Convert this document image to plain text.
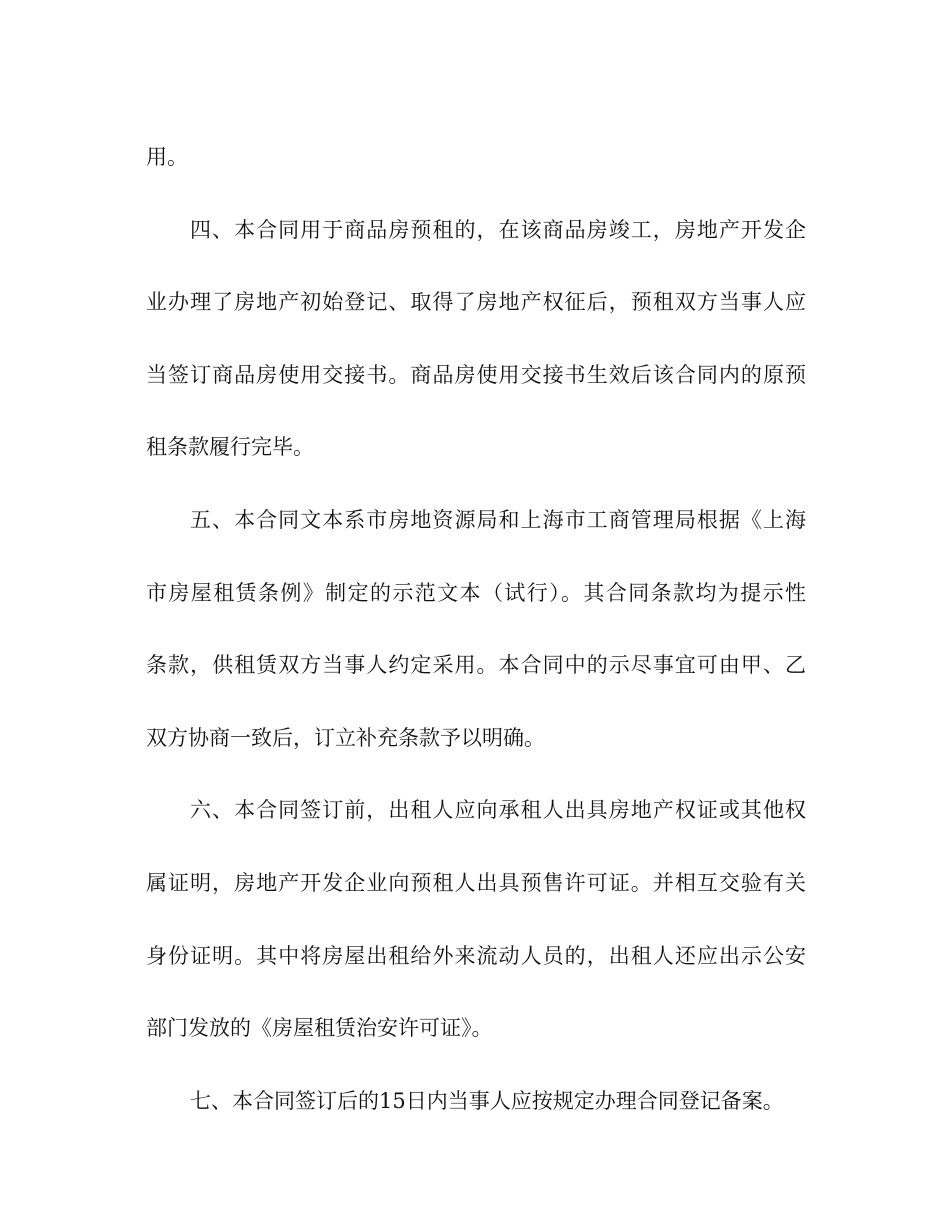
用。
四、本合同用于商品房预租的，在该商品房竣工，房地产开发企
业办理了房地产初始登记、取得了房地产权征后，预租双方当事人应
当签订商品房使用交接书。商品房使用交接书生效后该合同内的原预
租条款履行完毕。
五、本合同文本系市房地资源局和上海市工商管理局根据《上海
市房屋租赁条例》制定的示范文本（试行）。其合同条款均为提示性
条款，供租赁双方当事人约定采用。本合同中的示尽事宜可由甲、乙
双方协商一致后，订立补充条款予以明确。
六、本合同签订前，出租人应向承租人出具房地产权证或其他权
属证明，房地产开发企业向预租人出具预售许可证。并相互交验有关
身份证明。其中将房屋出租给外来流动人员的，出租人还应出示公安
部门发放的《房屋租赁治安许可证》。
七、本合同签订后的15日内当事人应按规定办理合同登记备案。
